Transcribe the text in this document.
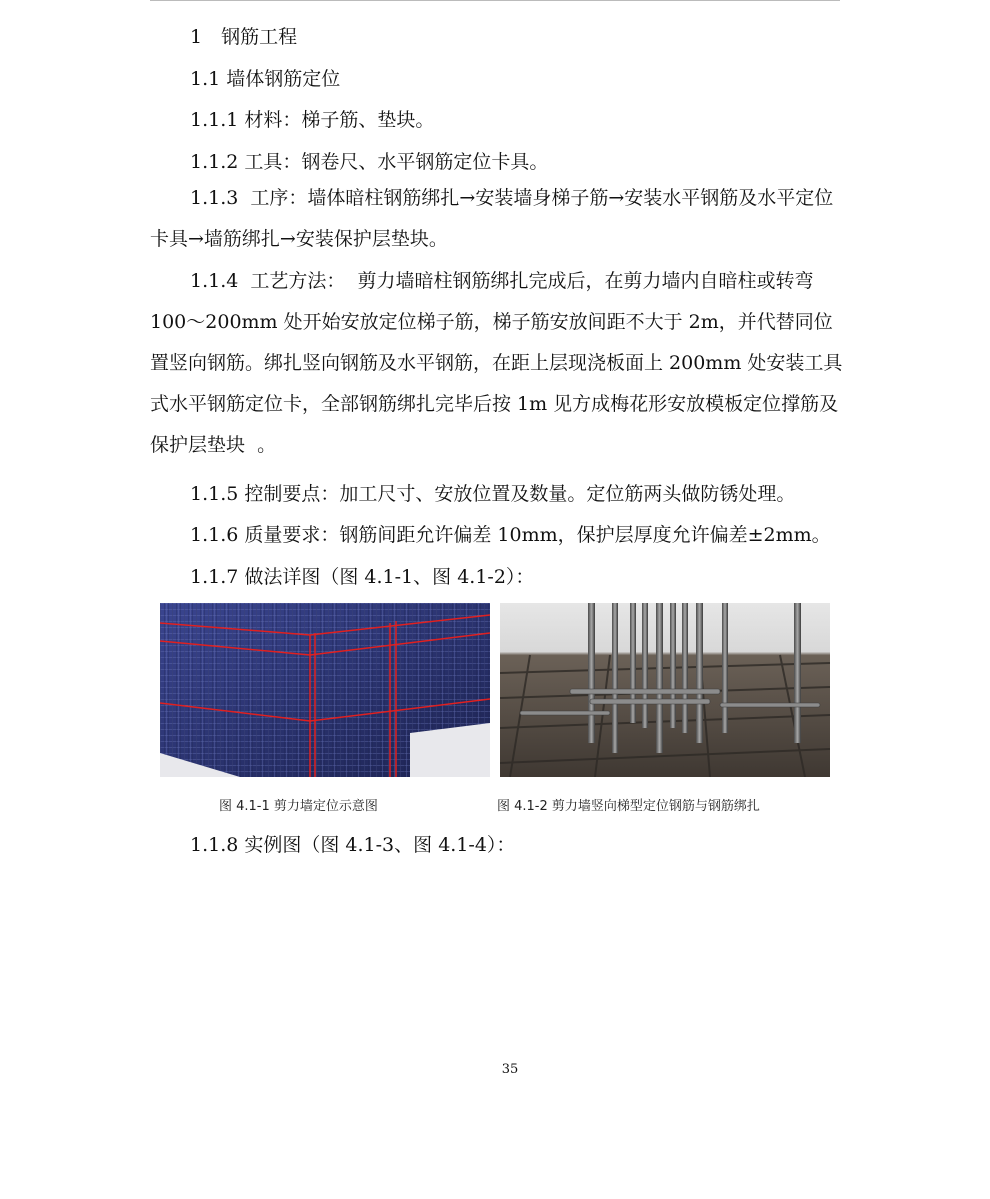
1　钢筋工程
1.1 墙体钢筋定位
1.1.1 材料：梯子筋、垫块。
1.1.2 工具：钢卷尺、水平钢筋定位卡具。

1.1.3  工序：墙体暗柱钢筋绑扎→安装墙身梯子筋→安装水平钢筋及水平定位卡具→墙筋绑扎→安装保护层垫块。

1.1.4  工艺方法：  剪力墙暗柱钢筋绑扎完成后，在剪力墙内自暗柱或转弯100～200mm 处开始安放定位梯子筋，梯子筋安放间距不大于 2m，并代替同位置竖向钢筋。绑扎竖向钢筋及水平钢筋，在距上层现浇板面上 200mm 处安装工具式水平钢筋定位卡，全部钢筋绑扎完毕后按 1m 见方成梅花形安放模板定位撑筋及保护层垫块  。

1.1.5 控制要点：加工尺寸、安放位置及数量。定位筋两头做防锈处理。
1.1.6 质量要求：钢筋间距允许偏差 10mm，保护层厚度允许偏差±2mm。
1.1.7 做法详图（图 4.1-1、图 4.1-2）：
图 4.1-1 剪力墙定位示意图	图 4.1-2 剪力墙竖向梯型定位钢筋与钢筋绑扎
1.1.8 实例图（图 4.1-3、图 4.1-4）：
35
